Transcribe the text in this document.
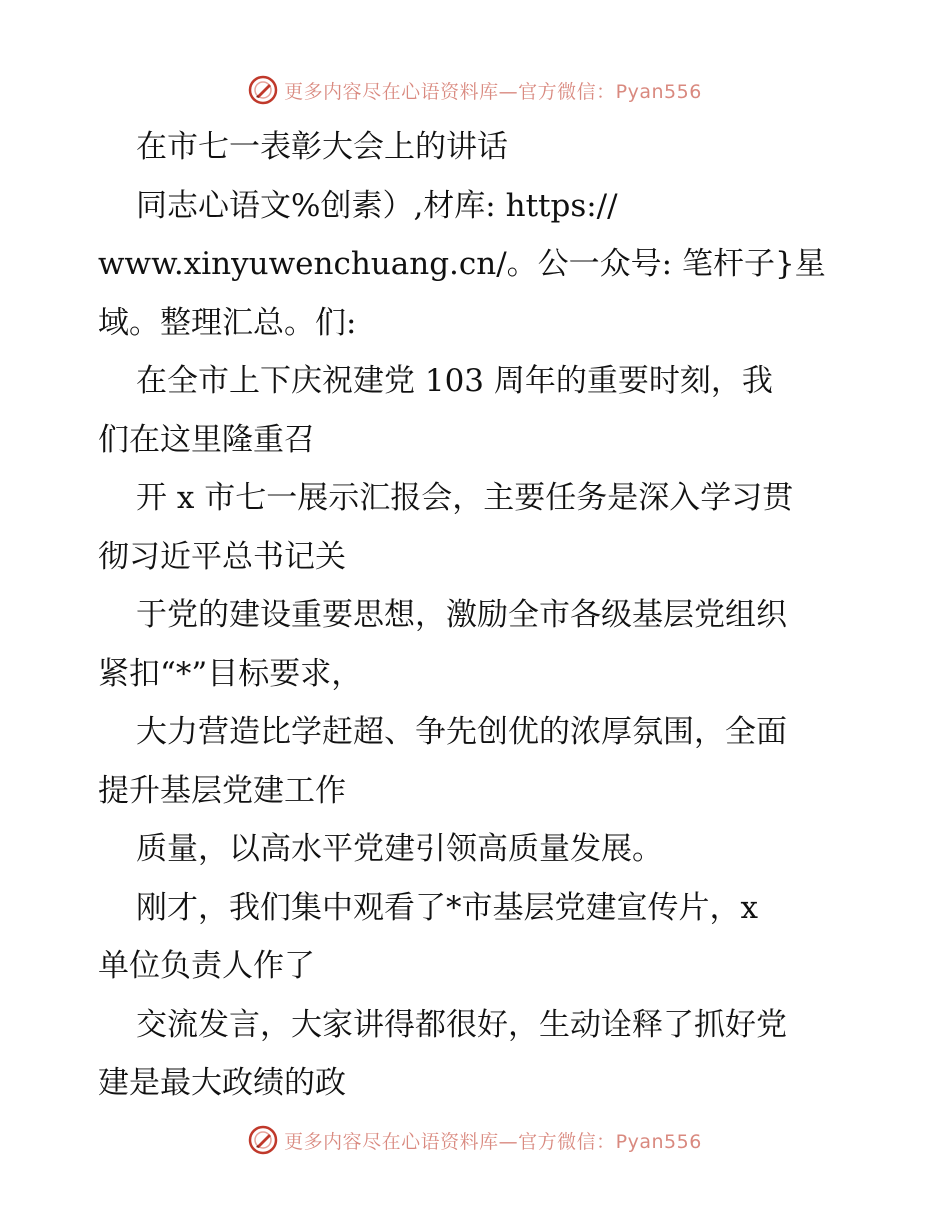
更多内容尽在心语资料库—官方微信：Pyan556
在市七一表彰大会上的讲话
同志心语文%创素）,材库: https://
www.xinyuwenchuang.cn/。公一众号: 笔杆子}星
域。整理汇总。们:
在全市上下庆祝建党 103 周年的重要时刻，我
们在这里隆重召
开 x 市七一展示汇报会，主要任务是深入学习贯
彻习近平总书记关
于党的建设重要思想，激励全市各级基层党组织
紧扣“*”目标要求，
大力营造比学赶超、争先创优的浓厚氛围，全面
提升基层党建工作
质量，以高水平党建引领高质量发展。
刚才，我们集中观看了*市基层党建宣传片，x
单位负责人作了
交流发言，大家讲得都很好，生动诠释了抓好党
建是最大政绩的政
更多内容尽在心语资料库—官方微信：Pyan556
